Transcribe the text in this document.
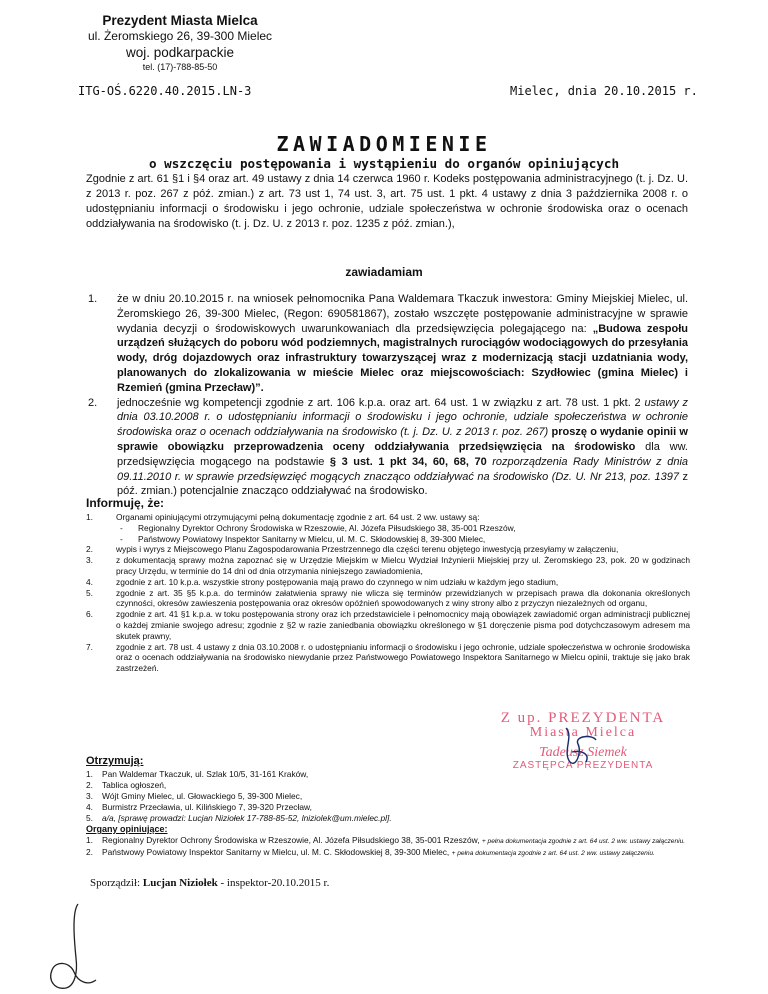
Prezydent Miasta Mielca
ul. Żeromskiego 26, 39-300 Mielec
woj. podkarpackie
tel. (17)-788-85-50
ITG-OŚ.6220.40.2015.LN-3	Mielec, dnia 20.10.2015 r.
ZAWIADOMIENIE
o wszczęciu postępowania i wystąpieniu do organów opiniujących

Zgodnie z art. 61 §1 i §4 oraz art. 49 ustawy z dnia 14 czerwca 1960 r. Kodeks postępowania administracyjnego (t. j. Dz. U. z 2013 r. poz. 267 z póź. zmian.) z art. 73 ust 1, 74 ust. 3, art. 75 ust. 1 pkt. 4 ustawy z dnia 3 października 2008 r. o udostępnianiu informacji o środowisku i jego ochronie, udziale społeczeństwa w ochronie środowiska oraz o ocenach oddziaływania na środowisko (t. j. Dz. U. z 2013 r. poz. 1235 z póź. zmian.),

zawiadamiam
1. że w dniu 20.10.2015 r. na wniosek pełnomocnika Pana Waldemara Tkaczuk inwestora: Gminy Miejskiej Mielec, ul. Żeromskiego 26, 39-300 Mielec, (Regon: 690581867), zostało wszczęte postępowanie administracyjne w sprawie wydania decyzji o środowiskowych uwarunkowaniach dla przedsięwzięcia polegającego na: „Budowa zespołu urządzeń służących do poboru wód podziemnych, magistralnych rurociągów wodociągowych do przesyłania wody, dróg dojazdowych oraz infrastruktury towarzyszącej wraz z modernizacją stacji uzdatniania wody, planowanych do zlokalizowania w mieście Mielec oraz miejscowościach: Szydłowiec (gmina Mielec) i Rzemień (gmina Przecław)”.
2. jednocześnie wg kompetencji zgodnie z art. 106 k.p.a. oraz art. 64 ust. 1 w związku z art. 78 ust. 1 pkt. 2 ustawy z dnia 03.10.2008 r. o udostępnianiu informacji o środowisku i jego ochronie, udziale społeczeństwa w ochronie środowiska oraz o ocenach oddziaływania na środowisko (t. j. Dz. U. z 2013 r. poz. 267) proszę o wydanie opinii w sprawie obowiązku przeprowadzenia oceny oddziaływania przedsięwzięcia na środowisko dla ww. przedsięwzięcia mogącego na podstawie § 3 ust. 1 pkt 34, 60, 68, 70 rozporządzenia Rady Ministrów z dnia 09.11.2010 r. w sprawie przedsięwzięć mogących znacząco oddziaływać na środowisko (Dz. U. Nr 213, poz. 1397 z póź. zmian.) potencjalnie znacząco oddziaływać na środowisko.
Informuję, że:
1.	Organami opiniującymi otrzymującymi pełną dokumentację zgodnie z art. 64 ust. 2 ww. ustawy są:
- Regionalny Dyrektor Ochrony Środowiska w Rzeszowie, Al. Józefa Piłsudskiego 38, 35-001 Rzeszów,
- Państwowy Powiatowy Inspektor Sanitarny w Mielcu, ul. M. C. Skłodowskiej 8, 39-300 Mielec,
2.	wypis i wyrys z Miejscowego Planu Zagospodarowania Przestrzennego dla części terenu objętego inwestycją przesyłamy w załączeniu,
3.	z dokumentacją sprawy można zapoznać się w Urzędzie Miejskim w Mielcu Wydział Inżynierii Miejskiej przy ul. Żeromskiego 23, pok. 20 w godzinach pracy Urzędu, w terminie do 14 dni od dnia otrzymania niniejszego zawiadomienia,
4.	zgodnie z art. 10 k.p.a. wszystkie strony postępowania mają prawo do czynnego w nim udziału w każdym jego stadium,
5.	zgodnie z art. 35 §5 k.p.a. do terminów załatwienia sprawy nie wlicza się terminów przewidzianych w przepisach prawa dla dokonania określonych czynności, okresów zawieszenia postępowania oraz okresów opóźnień spowodowanych z winy strony albo z przyczyn niezależnych od organu,
6.	zgodnie z art. 41 §1 k.p.a. w toku postępowania strony oraz ich przedstawiciele i pełnomocnicy mają obowiązek zawiadomić organ administracji publicznej o każdej zmianie swojego adresu; zgodnie z §2 w razie zaniedbania obowiązku określonego w §1 doręczenie pisma pod dotychczasowym adresem ma skutek prawny,
7.	zgodnie z art. 78 ust. 4 ustawy z dnia 03.10.2008 r. o udostępnianiu informacji o środowisku i jego ochronie, udziale społeczeństwa w ochronie środowiska oraz o ocenach oddziaływania na środowisko niewydanie przez Państwowego Powiatowego Inspektora Sanitarnego w Mielcu opinii, traktuje się jako brak zastrzeżeń.
Z up. PREZYDENTA
Miasta Mielca
Tadeusz Siemek
ZASTĘPCA PREZYDENTA
Otrzymują:
1. Pan Waldemar Tkaczuk, ul. Szlak 10/5, 31-161 Kraków,
2. Tablica ogłoszeń,
3. Wójt Gminy Mielec, ul. Głowackiego 5, 39-300 Mielec,
4. Burmistrz Przecławia, ul. Kilińskiego 7, 39-320 Przecław,
5. a/a, [sprawę prowadzi: Lucjan Niziołek 17-788-85-52, lniziolek@um.mielec.pl].
Organy opiniujące:
1. Regionalny Dyrektor Ochrony Środowiska w Rzeszowie, Al. Józefa Piłsudskiego 38, 35-001 Rzeszów, + pełna dokumentacja zgodnie z art. 64 ust. 2 ww. ustawy załączeniu.
2. Państwowy Powiatowy Inspektor Sanitarny w Mielcu, ul. M. C. Skłodowskiej 8, 39-300 Mielec, + pełna dokumentacja zgodnie z art. 64 ust. 2 ww. ustawy załączeniu.
Sporządził: Lucjan Niziołek - inspektor-20.10.2015 r.
